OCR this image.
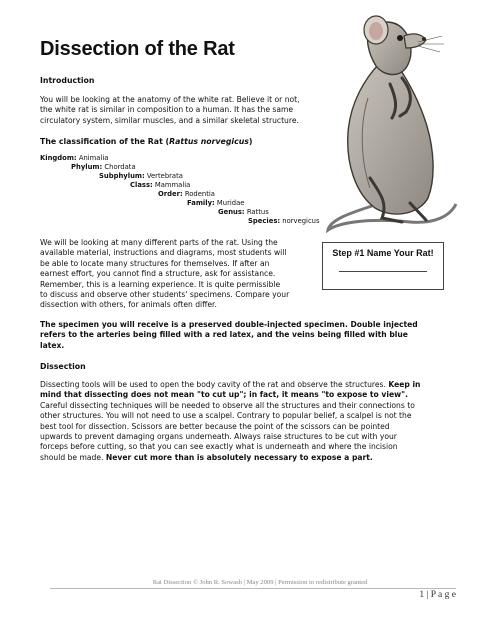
Dissection of the Rat
Introduction
You will be looking at the anatomy of the white rat. Believe it or not,
the white rat is similar in composition to a human. It has the same
circulatory system, similar muscles, and a similar skeletal structure.
The classification of the Rat (Rattus norvegicus)
Kingdom: Animalia
Phylum: Chordata
Subphylum: Vertebrata
Class: Mammalia
Order: Rodentia
Family: Muridae
Genus: Rattus
Species: norvegicus
We will be looking at many different parts of the rat. Using the
available material, instructions and diagrams, most students will
be able to locate many structures for themselves. If after an
earnest effort, you cannot find a structure, ask for assistance.
Remember, this is a learning experience. It is quite permissible
to discuss and observe other students' specimens. Compare your
dissection with others, for animals often differ.
Step #1 Name Your Rat!
The specimen you will receive is a preserved double-injected specimen. Double injected
refers to the arteries being filled with a red latex, and the veins being filled with blue
latex.
Dissection
Dissecting tools will be used to open the body cavity of the rat and observe the structures. Keep in
mind that dissecting does not mean "to cut up"; in fact, it means "to expose to view".
Careful dissecting techniques will be needed to observe all the structures and their connections to
other structures. You will not need to use a scalpel. Contrary to popular belief, a scalpel is not the
best tool for dissection. Scissors are better because the point of the scissors can be pointed
upwards to prevent damaging organs underneath. Always raise structures to be cut with your
forceps before cutting, so that you can see exactly what is underneath and where the incision
should be made. Never cut more than is absolutely necessary to expose a part.
Rat Dissection © John R. Sowash | May 2009 | Permission to redistribute granted
1 | P a g e
